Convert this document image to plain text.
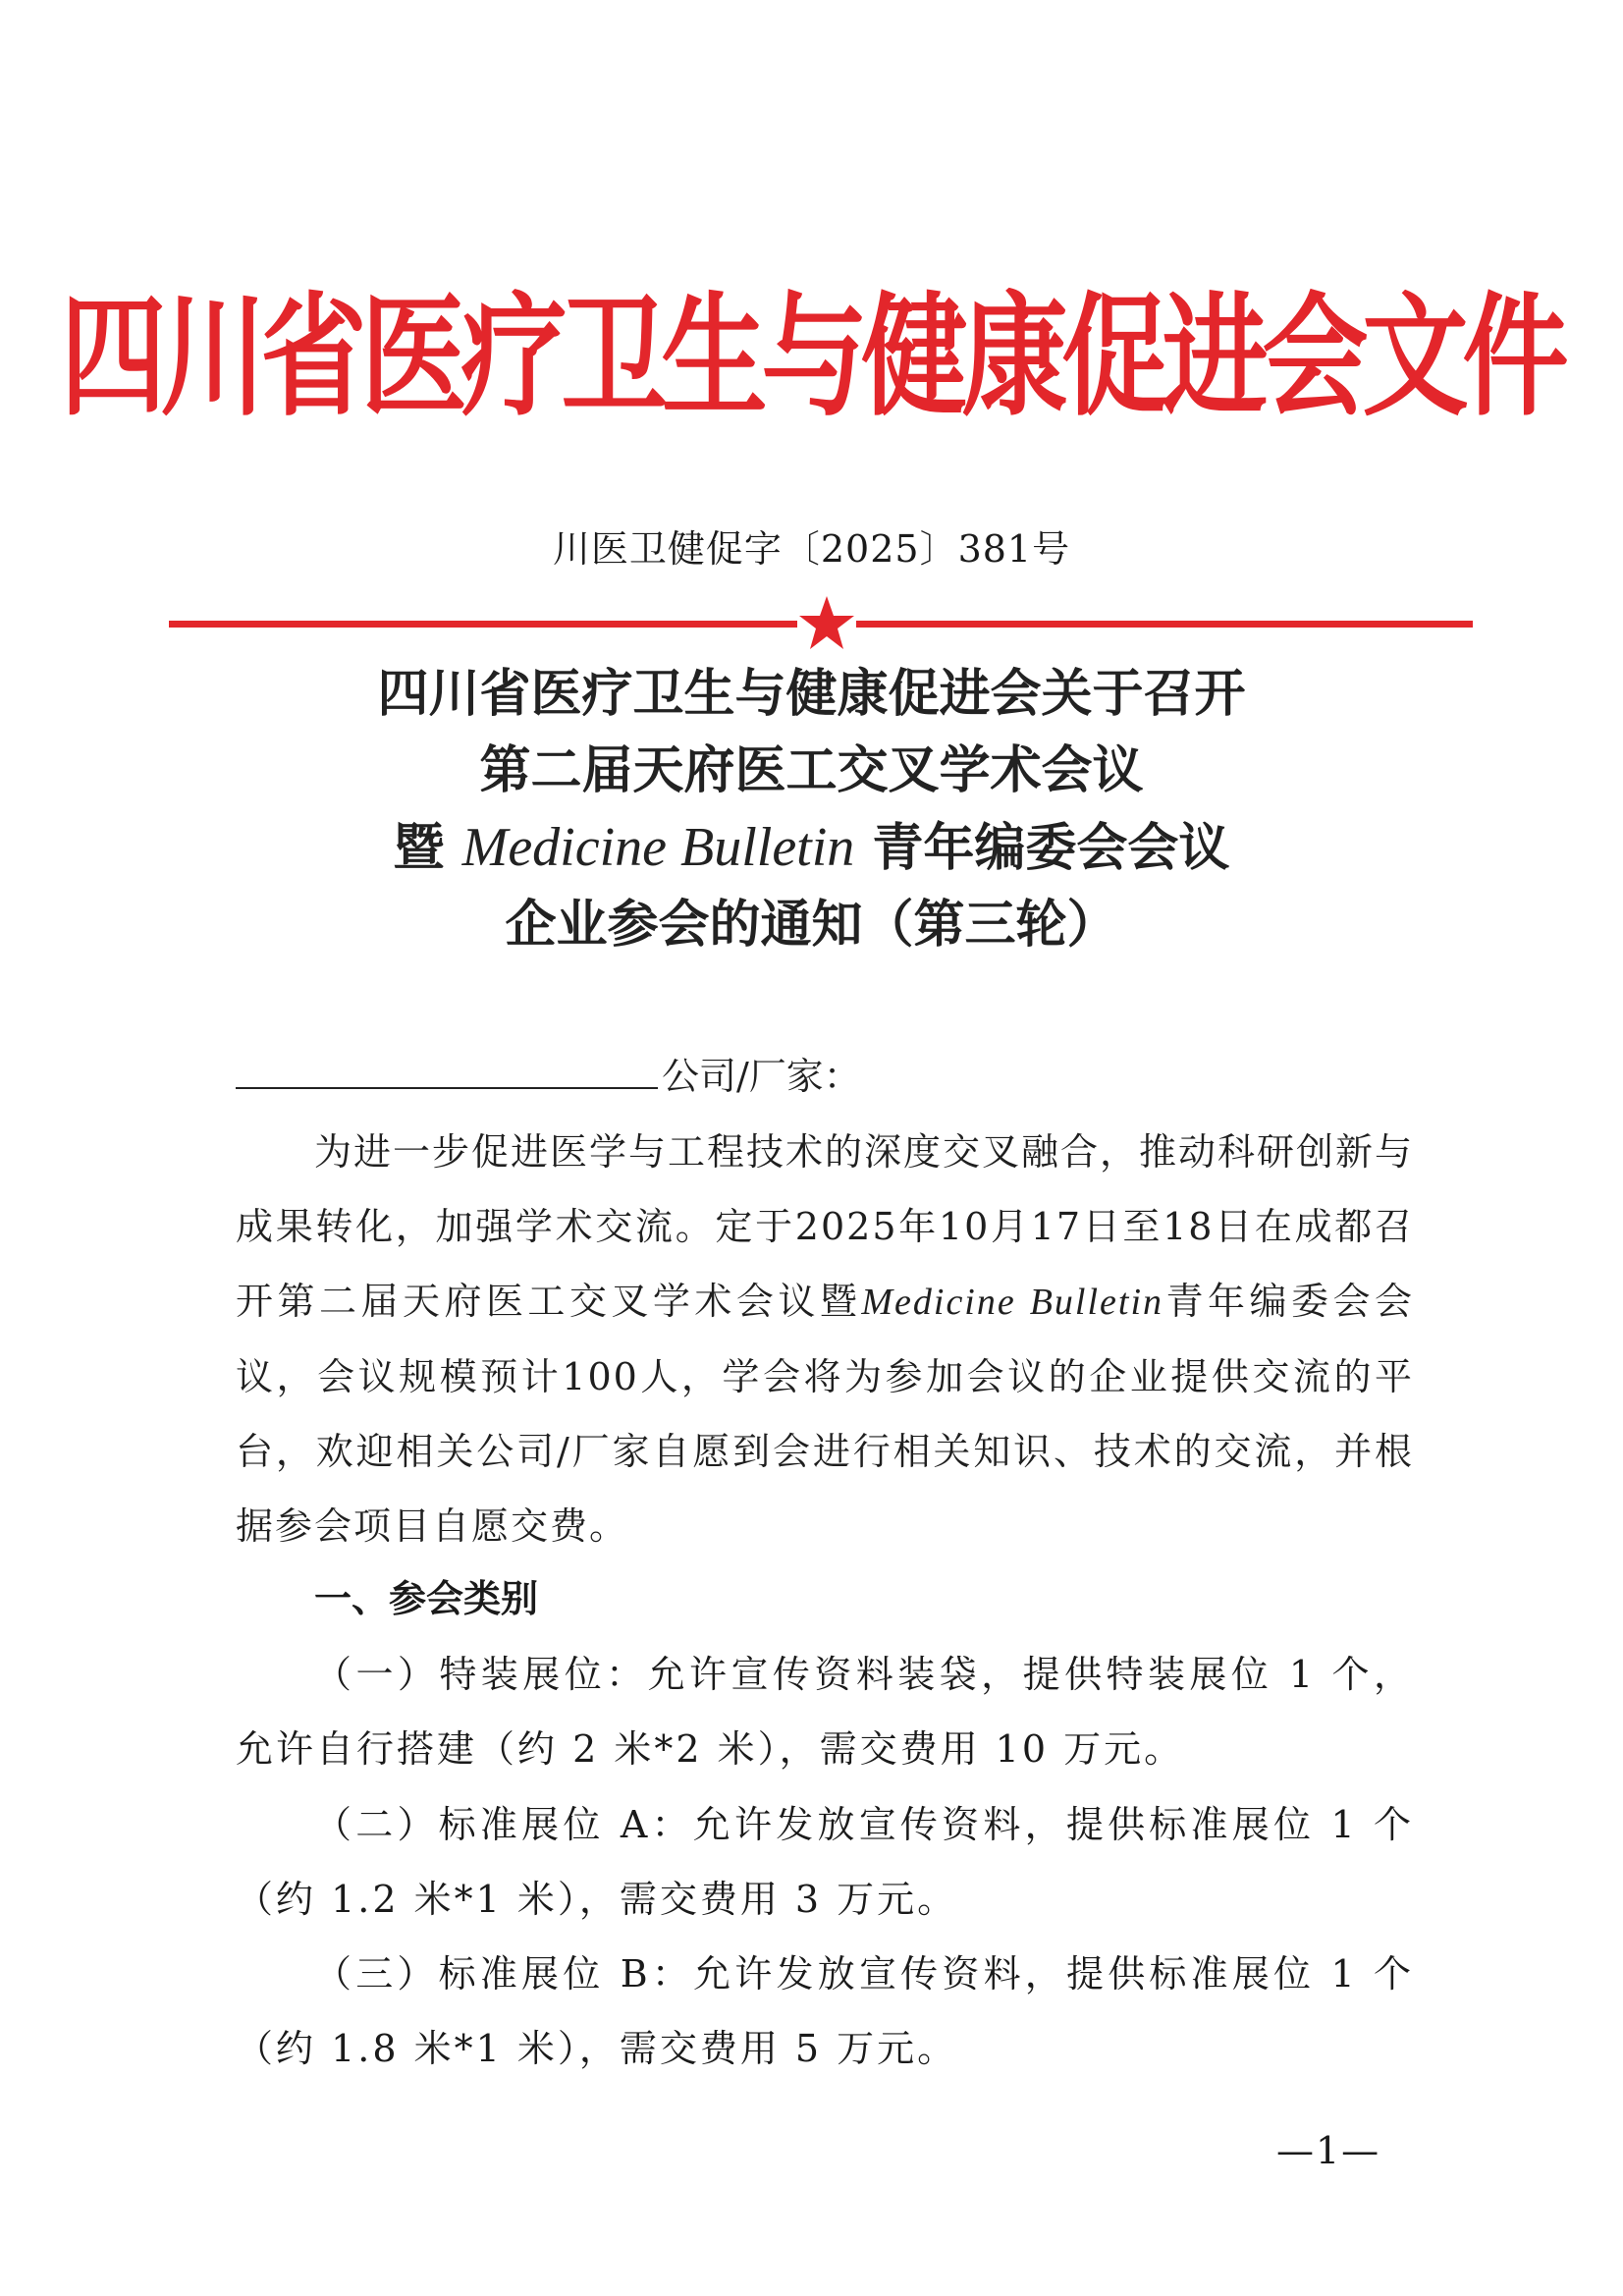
四川省医疗卫生与健康促进会文件
川医卫健促字〔2025〕381号
四川省医疗卫生与健康促进会关于召开
第二届天府医工交叉学术会议
暨 Medicine Bulletin 青年编委会会议
企业参会的通知（第三轮）
公司/厂家：
为进一步促进医学与工程技术的深度交叉融合，推动科研创新与成果转化，加强学术交流。定于2025年10月17日至18日在成都召开第二届天府医工交叉学术会议暨Medicine Bulletin青年编委会会议，会议规模预计100人，学会将为参加会议的企业提供交流的平台，欢迎相关公司/厂家自愿到会进行相关知识、技术的交流，并根据参会项目自愿交费。
一、参会类别
（一）特装展位：允许宣传资料装袋，提供特装展位 1 个，允许自行搭建（约 2 米*2 米），需交费用 10 万元。
（二）标准展位 A：允许发放宣传资料，提供标准展位 1 个（约 1.2 米*1 米），需交费用 3 万元。
（三）标准展位 B：允许发放宣传资料，提供标准展位 1 个（约 1.8 米*1 米），需交费用 5 万元。
—1—
